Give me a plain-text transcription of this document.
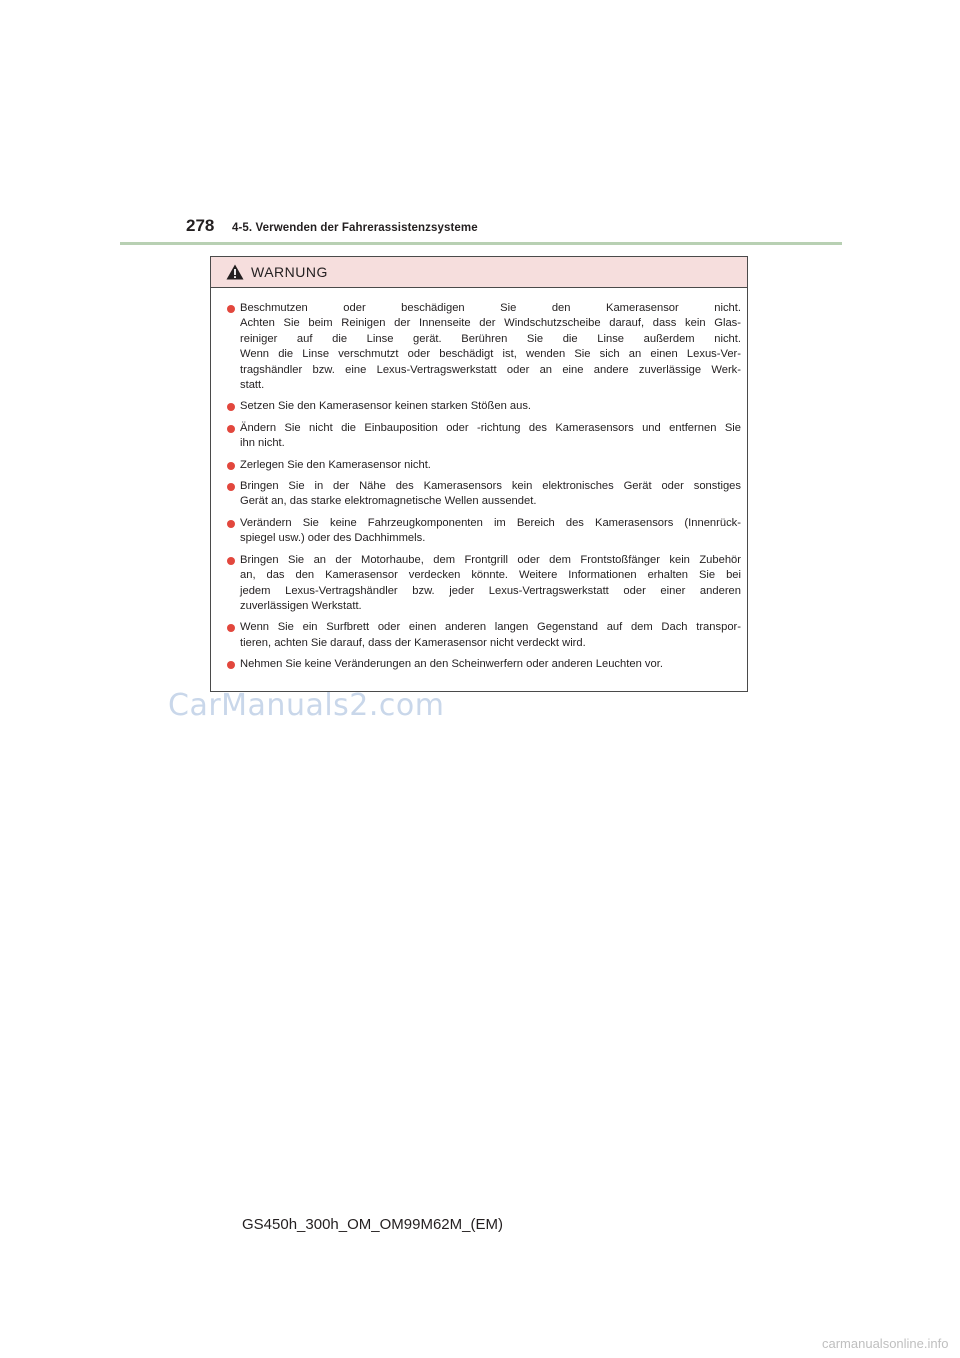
278 4-5. Verwenden der Fahrerassistenzsysteme
WARNUNG
Beschmutzen oder beschädigen Sie den Kamerasensor nicht.
Achten Sie beim Reinigen der Innenseite der Windschutzscheibe darauf, dass kein Glas-
reiniger auf die Linse gerät. Berühren Sie die Linse außerdem nicht.
Wenn die Linse verschmutzt oder beschädigt ist, wenden Sie sich an einen Lexus-Ver-
tragshändler bzw. eine Lexus-Vertragswerkstatt oder an eine andere zuverlässige Werk-
statt.
Setzen Sie den Kamerasensor keinen starken Stößen aus.
Ändern Sie nicht die Einbauposition oder -richtung des Kamerasensors und entfernen Sie
ihn nicht.
Zerlegen Sie den Kamerasensor nicht.
Bringen Sie in der Nähe des Kamerasensors kein elektronisches Gerät oder sonstiges
Gerät an, das starke elektromagnetische Wellen aussendet.
Verändern Sie keine Fahrzeugkomponenten im Bereich des Kamerasensors (Innenrück-
spiegel usw.) oder des Dachhimmels.
Bringen Sie an der Motorhaube, dem Frontgrill oder dem Frontstoßfänger kein Zubehör
an, das den Kamerasensor verdecken könnte. Weitere Informationen erhalten Sie bei
jedem Lexus-Vertragshändler bzw. jeder Lexus-Vertragswerkstatt oder einer anderen
zuverlässigen Werkstatt.
Wenn Sie ein Surfbrett oder einen anderen langen Gegenstand auf dem Dach transpor-
tieren, achten Sie darauf, dass der Kamerasensor nicht verdeckt wird.
Nehmen Sie keine Veränderungen an den Scheinwerfern oder anderen Leuchten vor.
CarManuals2.com
GS450h_300h_OM_OM99M62M_(EM)
carmanualsonline.info
